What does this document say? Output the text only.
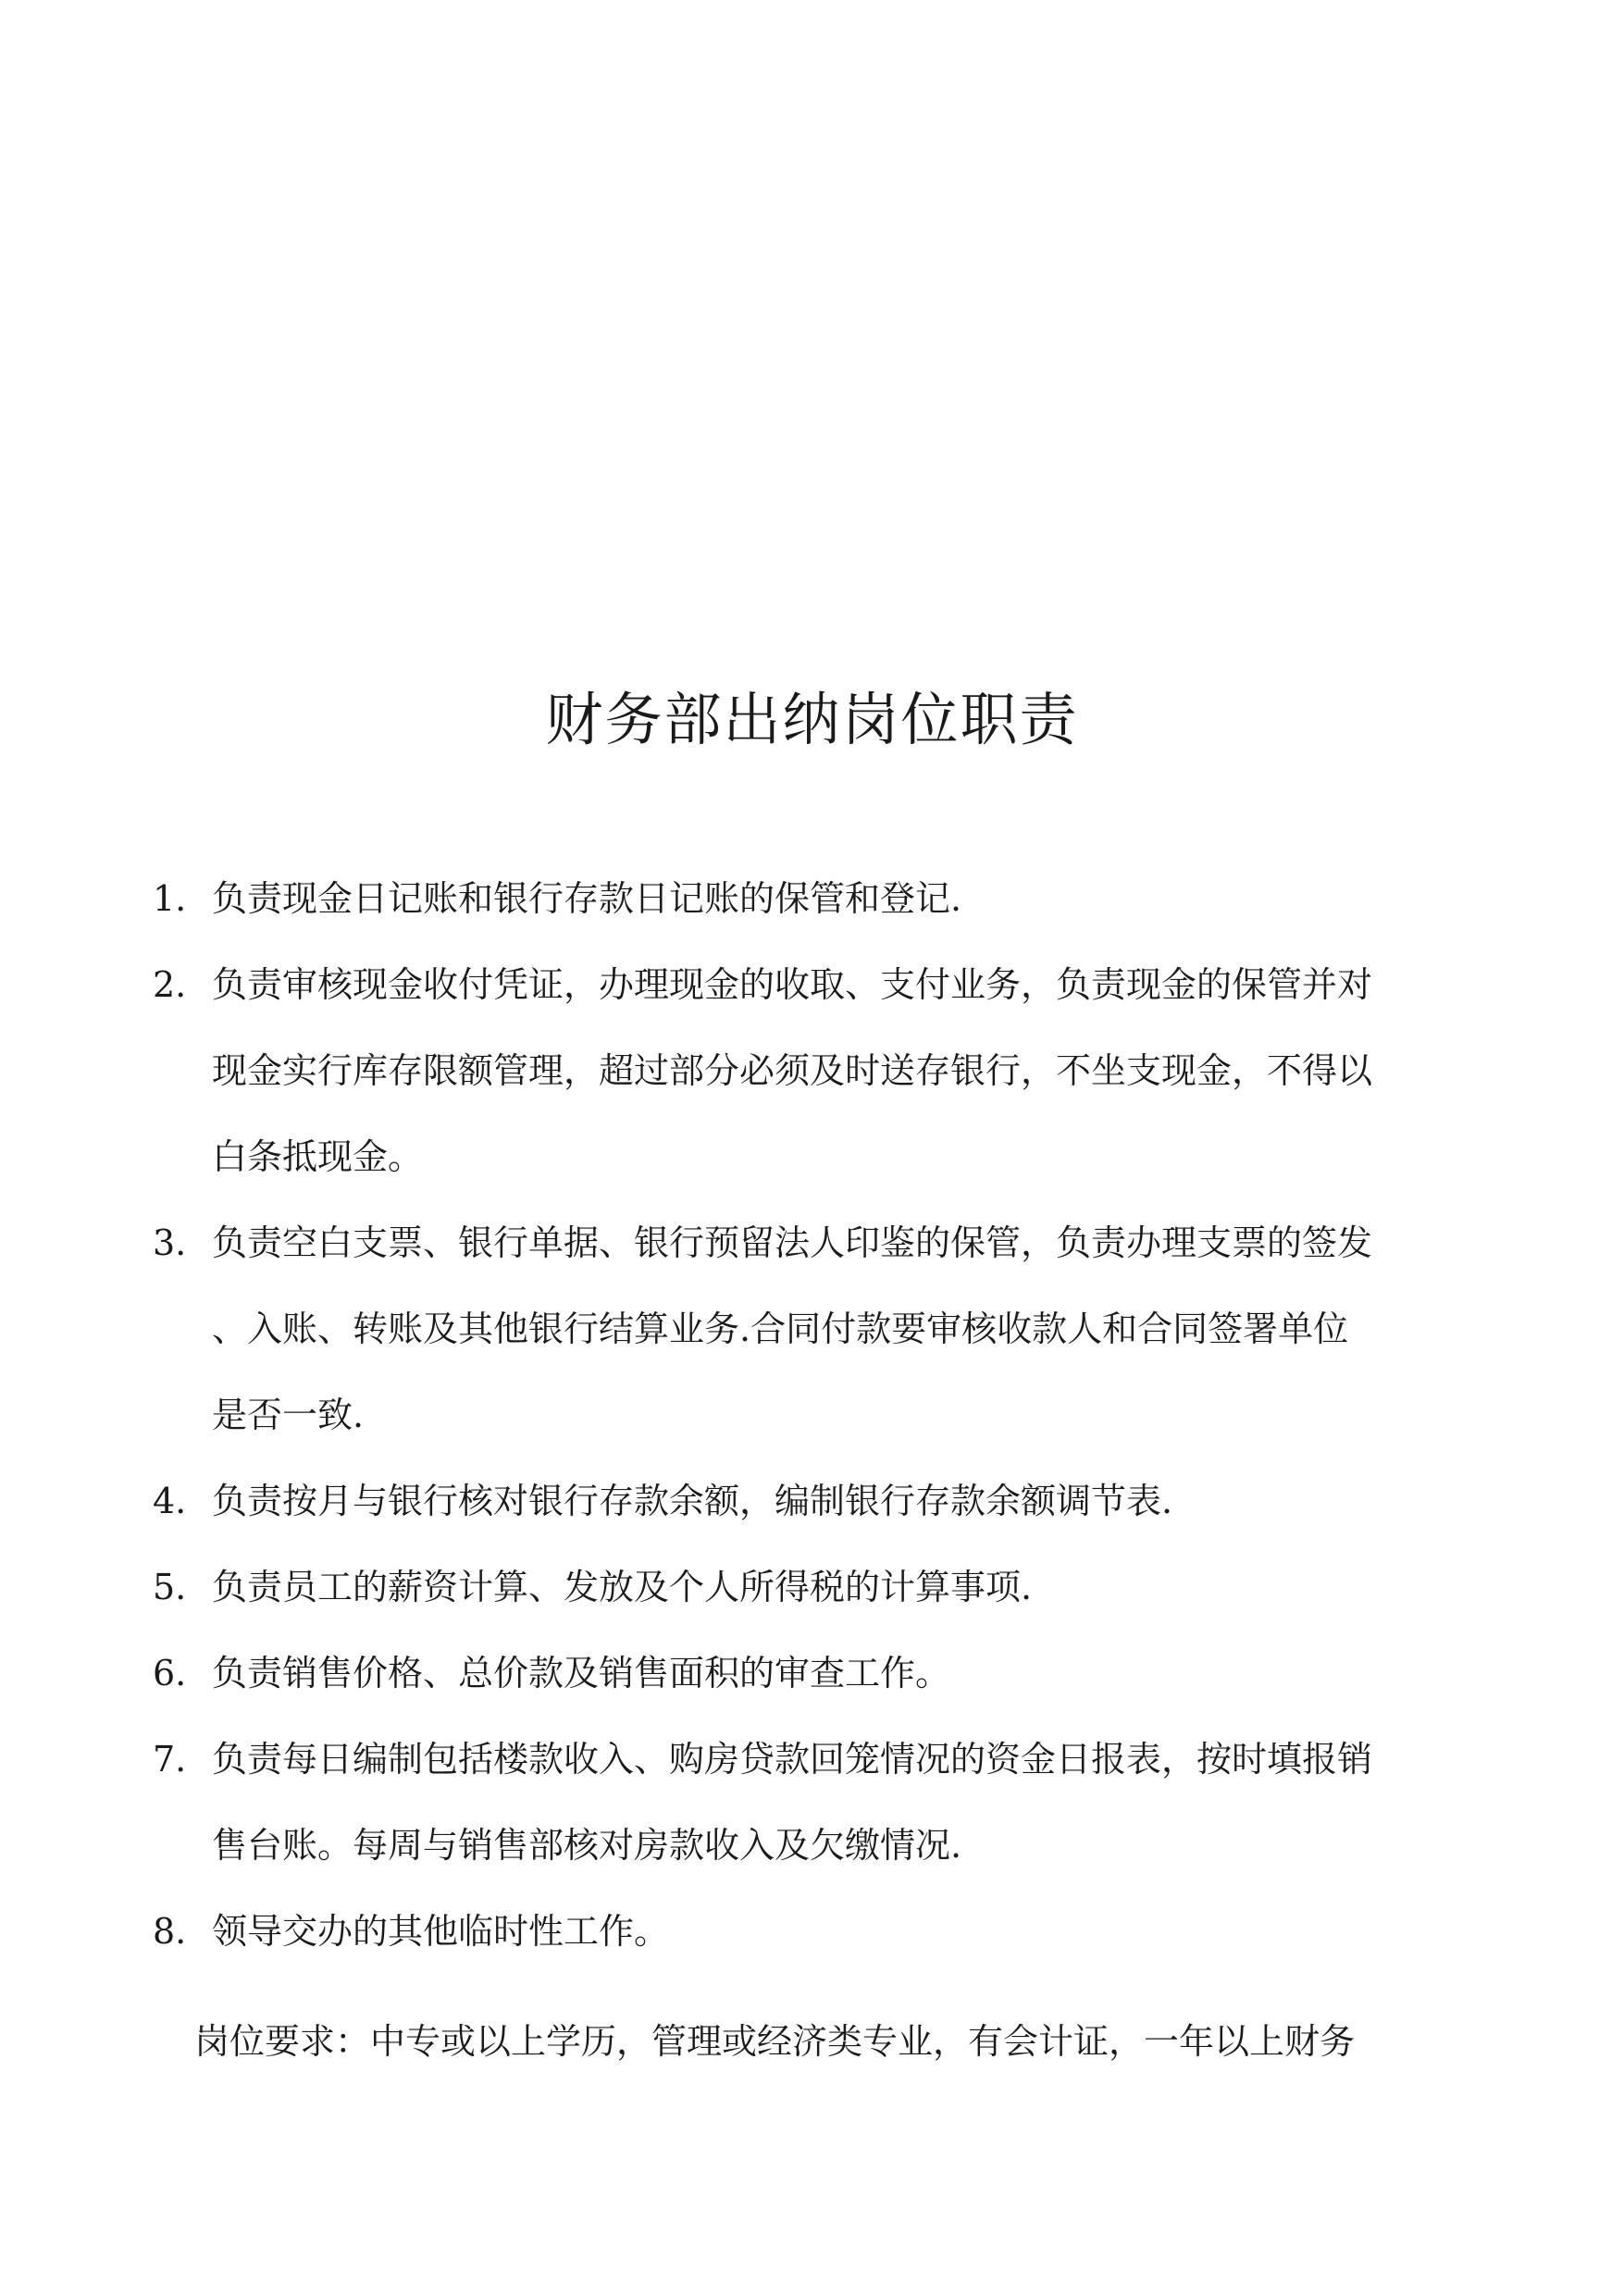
财务部出纳岗位职责
1. 负责现金日记账和银行存款日记账的保管和登记.
2. 负责审核现金收付凭证，办理现金的收取、支付业务，负责现金的保管并对
现金实行库存限额管理，超过部分必须及时送存银行，不坐支现金，不得以
白条抵现金。
3. 负责空白支票、银行单据、银行预留法人印鉴的保管，负责办理支票的签发
、入账、转账及其他银行结算业务.合同付款要审核收款人和合同签署单位
是否一致.
4. 负责按月与银行核对银行存款余额，编制银行存款余额调节表.
5. 负责员工的薪资计算、发放及个人所得税的计算事项.
6. 负责销售价格、总价款及销售面积的审查工作。
7. 负责每日编制包括楼款收入、购房贷款回笼情况的资金日报表，按时填报销
售台账。每周与销售部核对房款收入及欠缴情况.
8. 领导交办的其他临时性工作。
岗位要求：中专或以上学历，管理或经济类专业，有会计证，一年以上财务
